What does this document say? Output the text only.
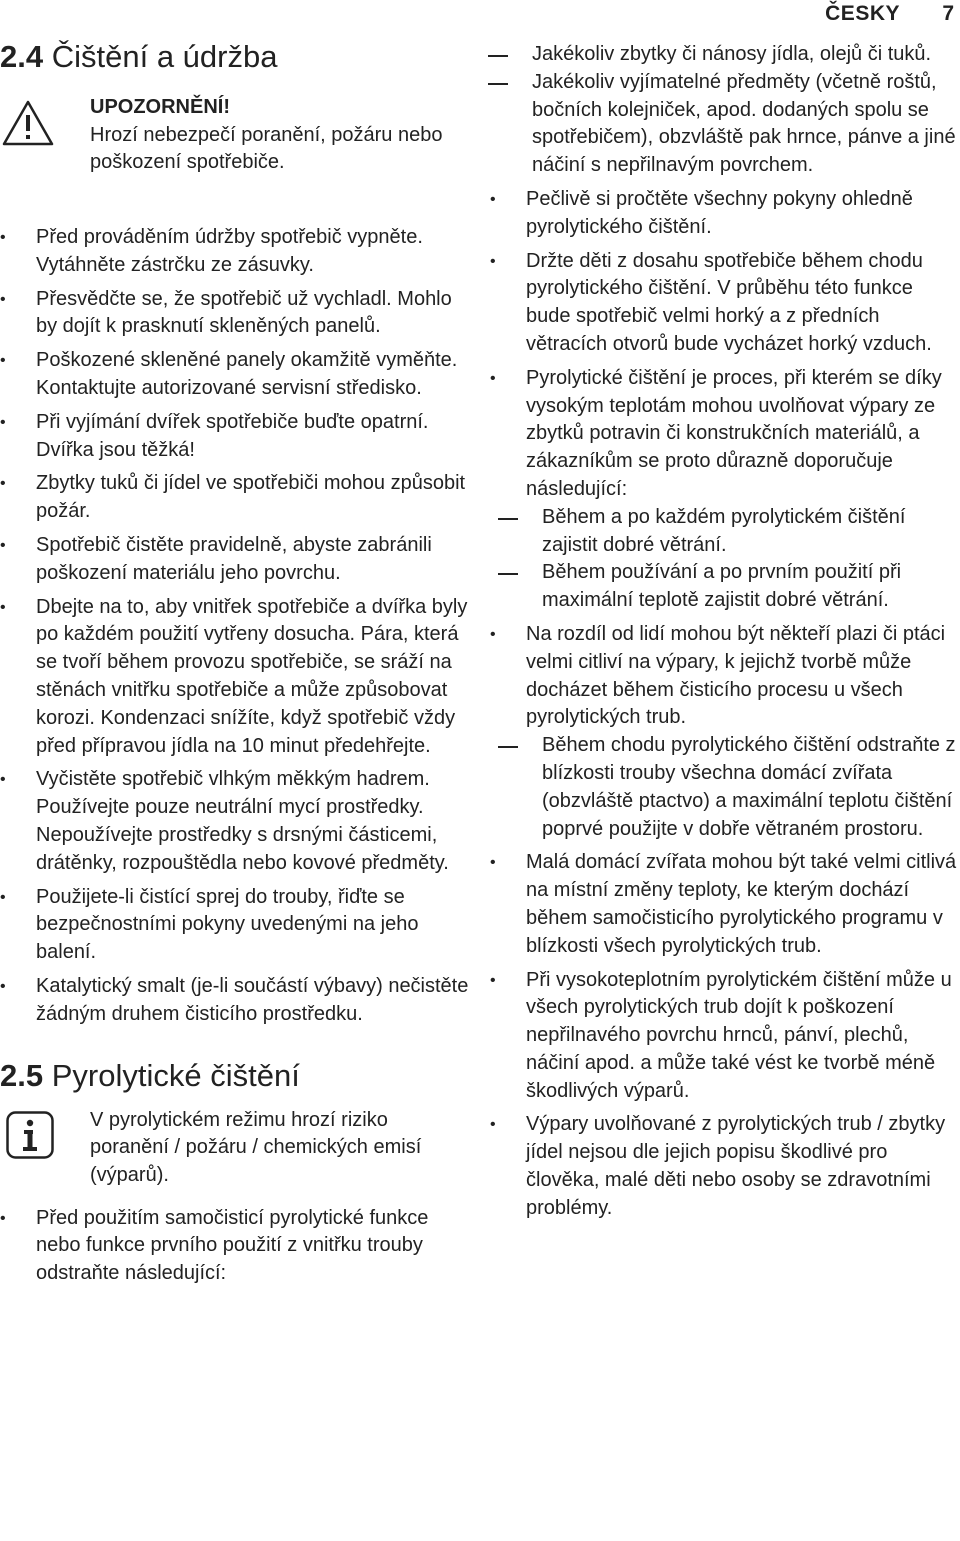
ČESKY 7
2.4 Čištění a údržba
UPOZORNĚNÍ!
Hrozí nebezpečí poranění, požáru nebo poškození spotřebiče.
• Před prováděním údržby spotřebič vypněte. Vytáhněte zástrčku ze zásuvky.
• Přesvědčte se, že spotřebič už vychladl. Mohlo by dojít k prasknutí skleněných panelů.
• Poškozené skleněné panely okamžitě vyměňte. Kontaktujte autorizované servisní středisko.
• Při vyjímání dvířek spotřebiče buďte opatrní. Dvířka jsou těžká!
• Zbytky tuků či jídel ve spotřebiči mohou způsobit požár.
• Spotřebič čistěte pravidelně, abyste zabránili poškození materiálu jeho povrchu.
• Dbejte na to, aby vnitřek spotřebiče a dvířka byly po každém použití vytřeny dosucha. Pára, která se tvoří během provozu spotřebiče, se sráží na stěnách vnitřku spotřebiče a může způsobovat korozi. Kondenzaci snížíte, když spotřebič vždy před přípravou jídla na 10 minut předehřejte.
• Vyčistěte spotřebič vlhkým měkkým hadrem. Používejte pouze neutrální mycí prostředky. Nepoužívejte prostředky s drsnými částicemi, drátěnky, rozpouštědla nebo kovové předměty.
• Použijete-li čistící sprej do trouby, řiďte se bezpečnostními pokyny uvedenými na jeho balení.
• Katalytický smalt (je-li součástí výbavy) nečistěte žádným druhem čisticího prostředku.
2.5 Pyrolytické čištění
V pyrolytickém režimu hrozí riziko poranění / požáru / chemických emisí (výparů).
• Před použitím samočisticí pyrolytické funkce nebo funkce prvního použití z vnitřku trouby odstraňte následující:
Jakékoliv zbytky či nánosy jídla, olejů či tuků.
Jakékoliv vyjímatelné předměty (včetně roštů, bočních kolejniček, apod. dodaných spolu se spotřebičem), obzvláště pak hrnce, pánve a jiné náčiní s nepřilnavým povrchem.
• Pečlivě si pročtěte všechny pokyny ohledně pyrolytického čištění.
• Držte děti z dosahu spotřebiče během chodu pyrolytického čištění. V průběhu této funkce bude spotřebič velmi horký a z předních větracích otvorů bude vycházet horký vzduch.
• Pyrolytické čištění je proces, při kterém se díky vysokým teplotám mohou uvolňovat výpary ze zbytků potravin či konstrukčních materiálů, a zákazníkům se proto důrazně doporučuje následující:
Během a po každém pyrolytickém čištění zajistit dobré větrání.
Během používání a po prvním použití při maximální teplotě zajistit dobré větrání.
• Na rozdíl od lidí mohou být někteří plazi či ptáci velmi citliví na výpary, k jejichž tvorbě může docházet během čisticího procesu u všech pyrolytických trub.
Během chodu pyrolytického čištění odstraňte z blízkosti trouby všechna domácí zvířata (obzvláště ptactvo) a maximální teplotu čištění poprvé použijte v dobře větraném prostoru.
• Malá domácí zvířata mohou být také velmi citlivá na místní změny teploty, ke kterým dochází během samočisticího pyrolytického programu v blízkosti všech pyrolytických trub.
• Při vysokoteplotním pyrolytickém čištění může u všech pyrolytických trub dojít k poškození nepřilnavého povrchu hrnců, pánví, plechů, náčiní apod. a může také vést ke tvorbě méně škodlivých výparů.
• Výpary uvolňované z pyrolytických trub / zbytky jídel nejsou dle jejich popisu škodlivé pro člověka, malé děti nebo osoby se zdravotními problémy.
